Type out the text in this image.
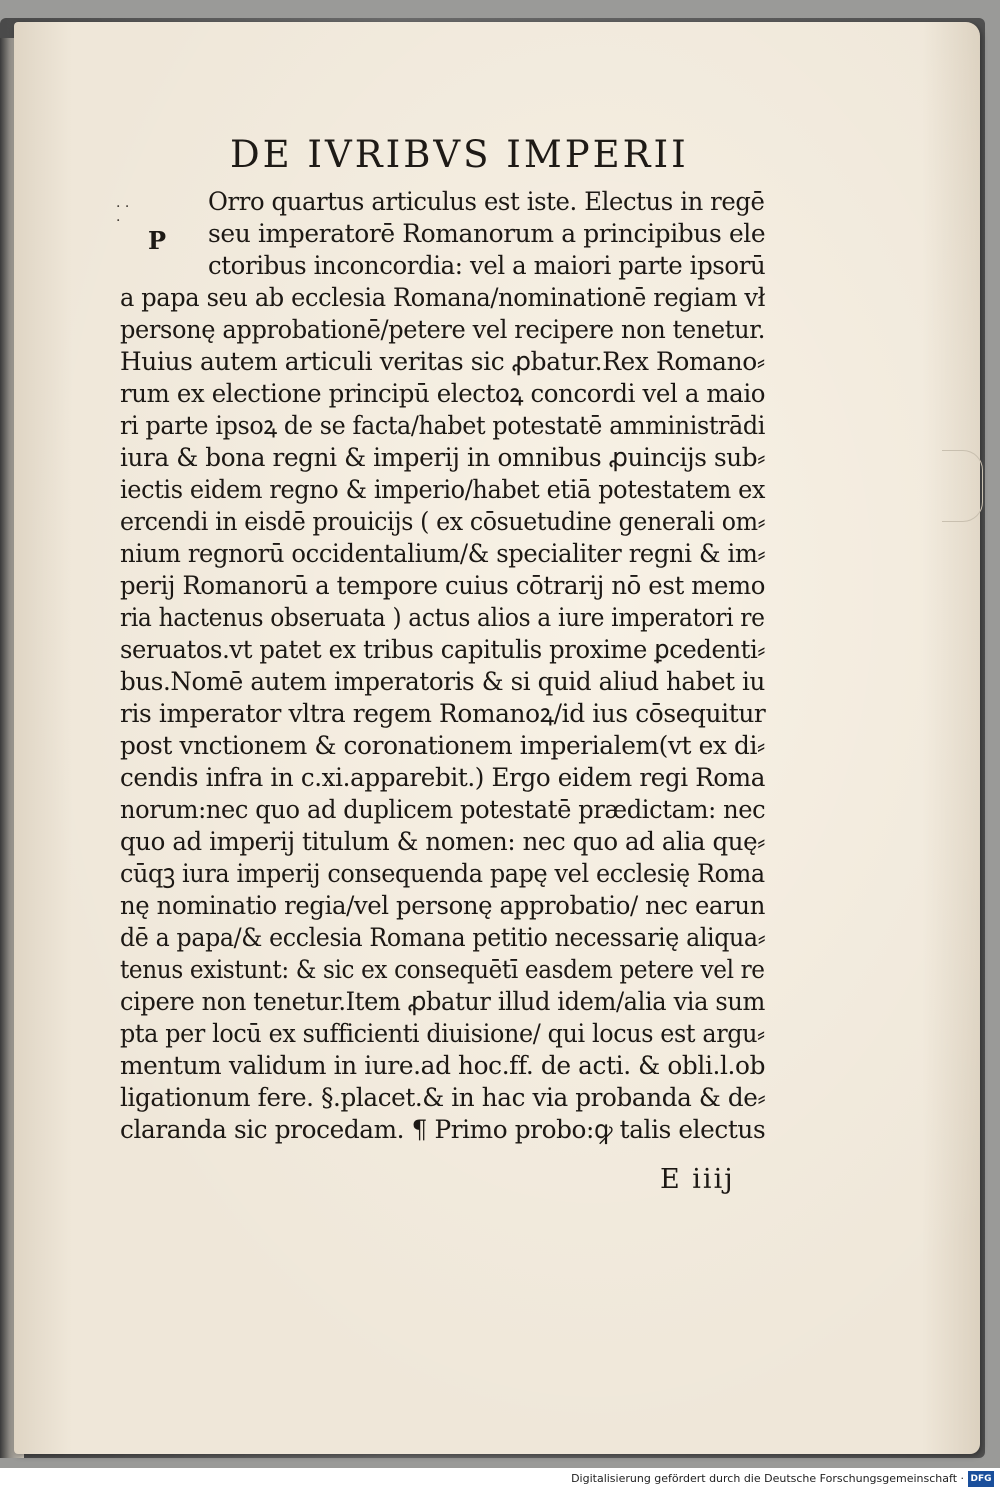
DE IVRIBVS IMPERII
· ·
·
P
Orro quartus articulus est iste. Electus in regē
seu imperatorē Romanorum a principibus ele
ctoribus inconcordia: vel a maiori parte ipsorū
a papa seu ab ecclesia Romana/nominationē regiam vł
personę approbationē/petere vel recipere non tenetur.
Huius autem articuli veritas sic ꝓbatur.Rex Romano⸗
rum ex electione principū electoꝝ concordi vel a maio
ri parte ipsoꝝ de se facta/habet potestatē amministrādi
iura & bona regni & imperij in omnibus ꝓuincijs sub⸗
iectis eidem regno & imperio/habet etiā potestatem ex
ercendi in eisdē prouicijs ( ex cōsuetudine generali om⸗
nium regnorū occidentalium/& specialiter regni & im⸗
perij Romanorū a tempore cuius cōtrarij nō est memo
ria hactenus obseruata ) actus alios a iure imperatori re
seruatos.vt patet ex tribus capitulis proxime ꝑcedenti⸗
bus.Nomē autem imperatoris & si quid aliud habet iu
ris imperator vltra regem Romanoꝝ/id ius cōsequitur
post vnctionem & coronationem imperialem(vt ex di⸗
cendis infra in c.xi.apparebit.) Ergo eidem regi Roma
norum:nec quo ad duplicem potestatē prædictam: nec
quo ad imperij titulum & nomen: nec quo ad alia quę⸗
cūqꝫ iura imperij consequenda papę vel ecclesię Roma
nę nominatio regia/vel personę approbatio/ nec earun
dē a papa/& ecclesia Romana petitio necessarię aliqua⸗
tenus existunt: & sic ex consequētī easdem petere vel re
cipere non tenetur.Item ꝓbatur illud idem/alia via sum
pta per locū ex sufficienti diuisione/ qui locus est argu⸗
mentum validum in iure.ad hoc.ff. de acti. & obli.l.ob
ligationum fere. §.placet.& in hac via probanda & de⸗
claranda sic procedam. ¶ Primo probo:ꝙ talis electus
E iiij
Digitalisierung gefördert durch die Deutsche Forschungsgemeinschaft · DFG
